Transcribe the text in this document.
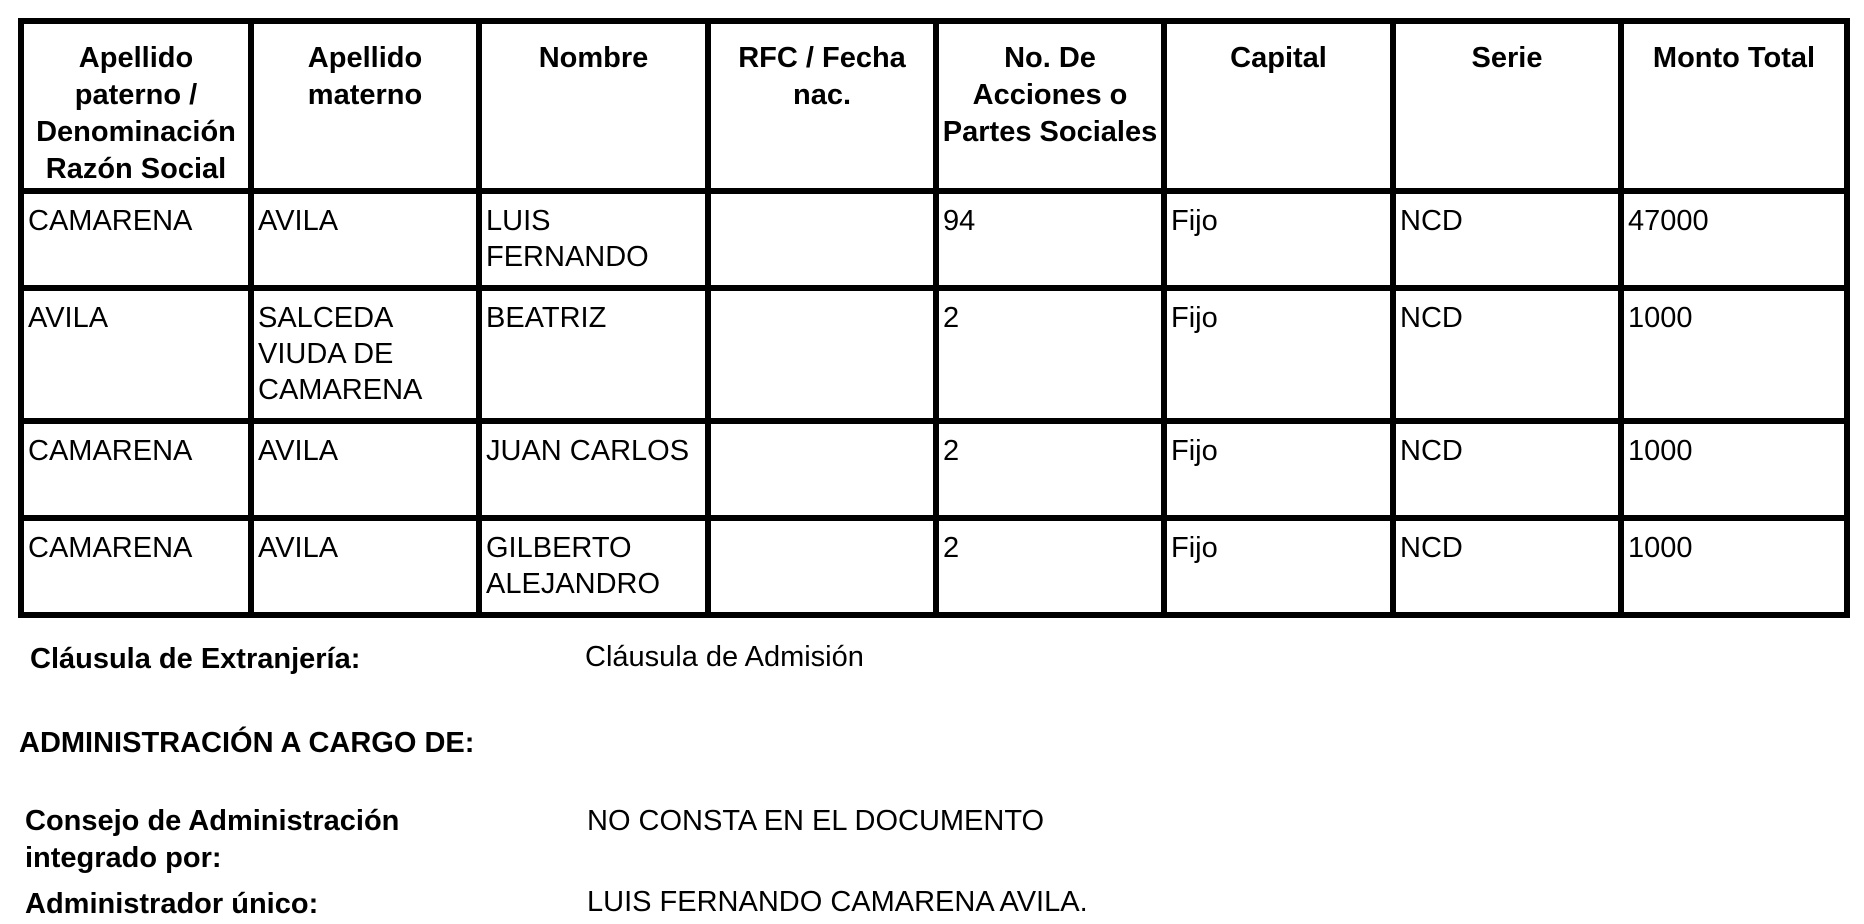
Apellido paterno / Denominación Razón Social	Apellido materno	Nombre	RFC / Fecha nac.	No. De Acciones o Partes Sociales	Capital	Serie	Monto Total
CAMARENA	AVILA	LUIS FERNANDO		94	Fijo	NCD	47000
AVILA	SALCEDA VIUDA DE CAMARENA	BEATRIZ		2	Fijo	NCD	1000
CAMARENA	AVILA	JUAN CARLOS		2	Fijo	NCD	1000
CAMARENA	AVILA	GILBERTO ALEJANDRO		2	Fijo	NCD	1000
Cláusula de Extranjería:	Cláusula de Admisión
ADMINISTRACIÓN A CARGO DE:
Consejo de Administración integrado por:
NO CONSTA EN EL DOCUMENTO
Administrador único:	LUIS FERNANDO CAMARENA AVILA.
